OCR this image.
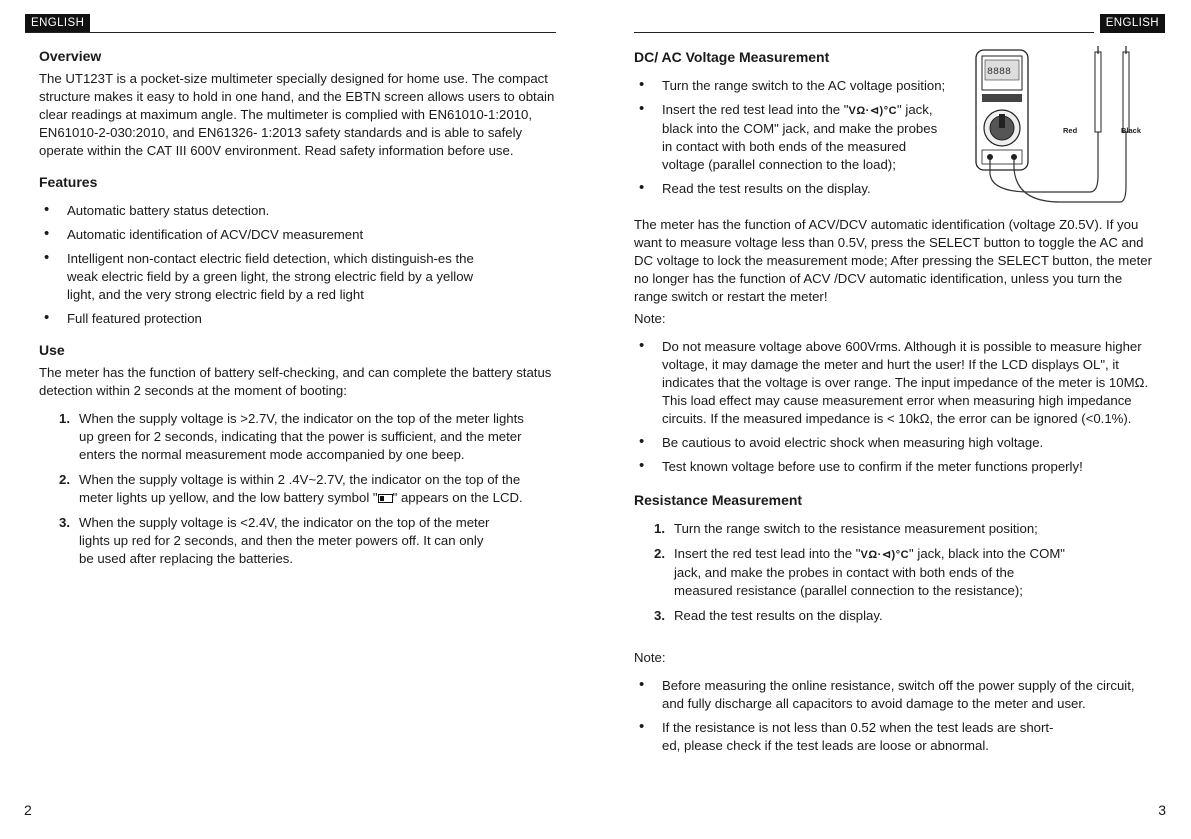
ENGLISH
Overview

The UT123T is a pocket-size multimeter specially designed for home use. The compact structure makes it easy to hold in one hand, and the EBTN screen allows users to obtain clear readings at maximum angle. The multimeter is complied with EN61010-1:2010, EN61010-2-030:2010, and EN61326- 1:2013 safety standards and is able to safely operate within the CAT III 600V environment. Read safety information before use.

Features
• Automatic battery status detection.
• Automatic identification of ACV/DCV measurement
• Intelligent non-contact electric field detection, which distinguish-es the weak electric field by a green light, the strong electric field by a yellow light, and the very strong electric field by a red light
• Full featured protection
Use

The meter has the function of battery self-checking, and can complete the battery status detection within 2 seconds at the moment of booting:

1. When the supply voltage is >2.7V, the indicator on the top of the meter lights up green for 2 seconds, indicating that the power is sufficient, and the meter enters the normal measurement mode accompanied by one beep.
2. When the supply voltage is within 2 .4V~2.7V, the indicator on the top of the meter lights up yellow, and the low battery symbol " " appears on the LCD.
3. When the supply voltage is <2.4V, the indicator on the top of the meter lights up red for 2 seconds, and then the meter powers off. It can only be used after replacing the batteries.
2
ENGLISH
8888
Red	Black
DC/ AC Voltage Measurement
• Turn the range switch to the AC voltage position;
• Insert the red test lead into the "VΩ·⊲)°C" jack, black into the COM" jack, and make the probes in contact with both ends of the measured voltage (parallel connection to the load);
• Read the test results on the display.

The meter has the function of ACV/DCV automatic identification (voltage Z0.5V). If you want to measure voltage less than 0.5V, press the SELECT button to toggle the AC and DC voltage to lock the measurement mode; After pressing the SELECT button, the meter no longer has the function of ACV /DCV automatic identification, unless you turn the range switch or restart the meter!

Note:

• Do not measure voltage above 600Vrms. Although it is possible to measure higher voltage, it may damage the meter and hurt the user! If the LCD displays OL", it indicates that the voltage is over range. The input impedance of the meter is 10MΩ. This load effect may cause measurement error when measuring high impedance circuits. If the measured impedance is < 10kΩ, the error can be ignored (<0.1%).
• Be cautious to avoid electric shock when measuring high voltage.
• Test known voltage before use to confirm if the meter functions properly!
Resistance Measurement
1. Turn the range switch to the resistance measurement position;
2. Insert the red test lead into the "VΩ·⊲)°C" jack, black into the COM" jack, and make the probes in contact with both ends of the measured resistance (parallel connection to the resistance);
3. Read the test results on the display.

Note:

• Before measuring the online resistance, switch off the power supply of the circuit, and fully discharge all capacitors to avoid damage to the meter and user.
• If the resistance is not less than 0.52 when the test leads are short-ed, please check if the test leads are loose or abnormal.
3
